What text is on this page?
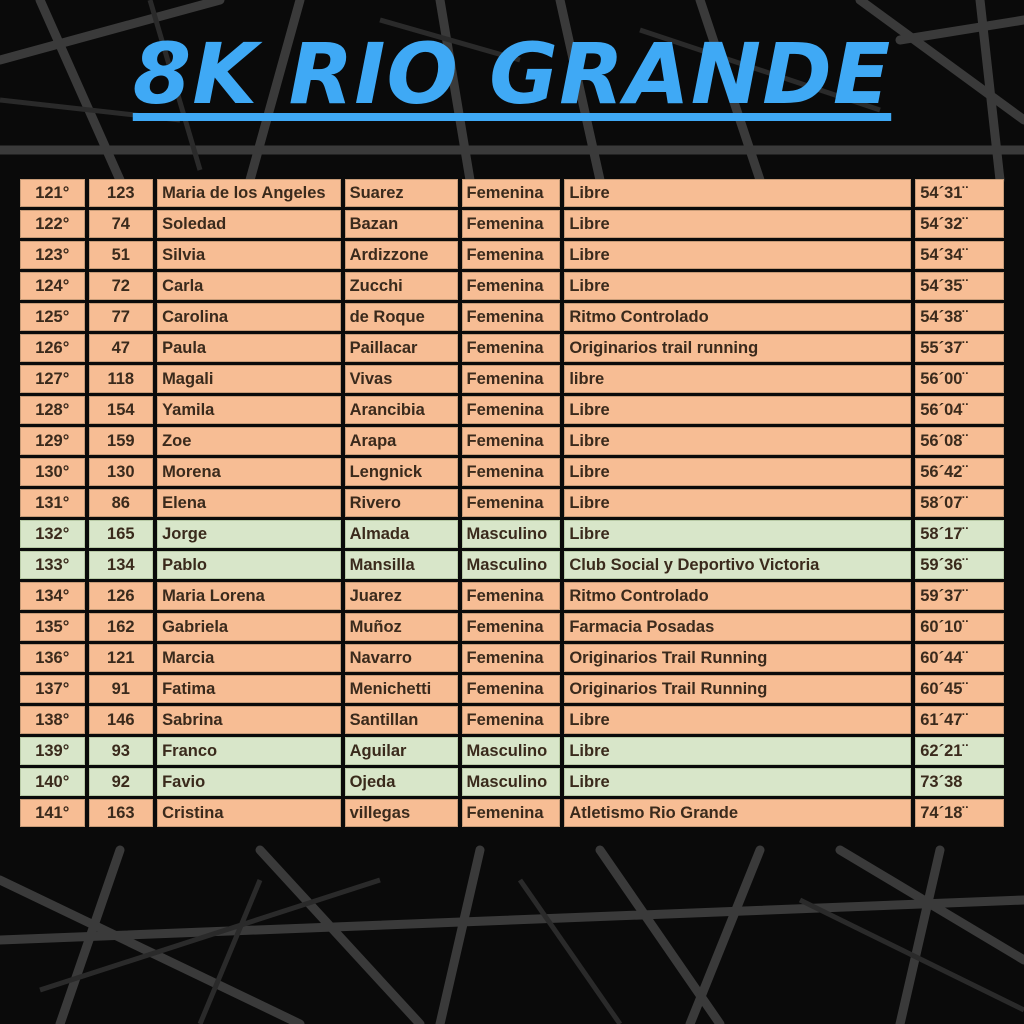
8K RIO GRANDE
121°	123	Maria de los Angeles	Suarez	Femenina	Libre	54´31¨
122°	74	Soledad	Bazan	Femenina	Libre	54´32¨
123°	51	Silvia	Ardizzone	Femenina	Libre	54´34¨
124°	72	Carla	Zucchi	Femenina	Libre	54´35¨
125°	77	Carolina	de Roque	Femenina	Ritmo Controlado	54´38¨
126°	47	Paula	Paillacar	Femenina	Originarios trail running	55´37¨
127°	118	Magali	Vivas	Femenina	libre	56´00¨
128°	154	Yamila	Arancibia	Femenina	Libre	56´04¨
129°	159	Zoe	Arapa	Femenina	Libre	56´08¨
130°	130	Morena	Lengnick	Femenina	Libre	56´42¨
131°	86	Elena	Rivero	Femenina	Libre	58´07¨
132°	165	Jorge	Almada	Masculino	Libre	58´17¨
133°	134	Pablo	Mansilla	Masculino	Club Social y Deportivo Victoria	59´36¨
134°	126	Maria Lorena	Juarez	Femenina	Ritmo Controlado	59´37¨
135°	162	Gabriela	Muñoz	Femenina	Farmacia Posadas	60´10¨
136°	121	Marcia	Navarro	Femenina	Originarios Trail Running	60´44¨
137°	91	Fatima	Menichetti	Femenina	Originarios Trail Running	60´45¨
138°	146	Sabrina	Santillan	Femenina	Libre	61´47¨
139°	93	Franco	Aguilar	Masculino	Libre	62´21¨
140°	92	Favio	Ojeda	Masculino	Libre	73´38
141°	163	Cristina	villegas	Femenina	Atletismo Rio Grande	74´18¨
